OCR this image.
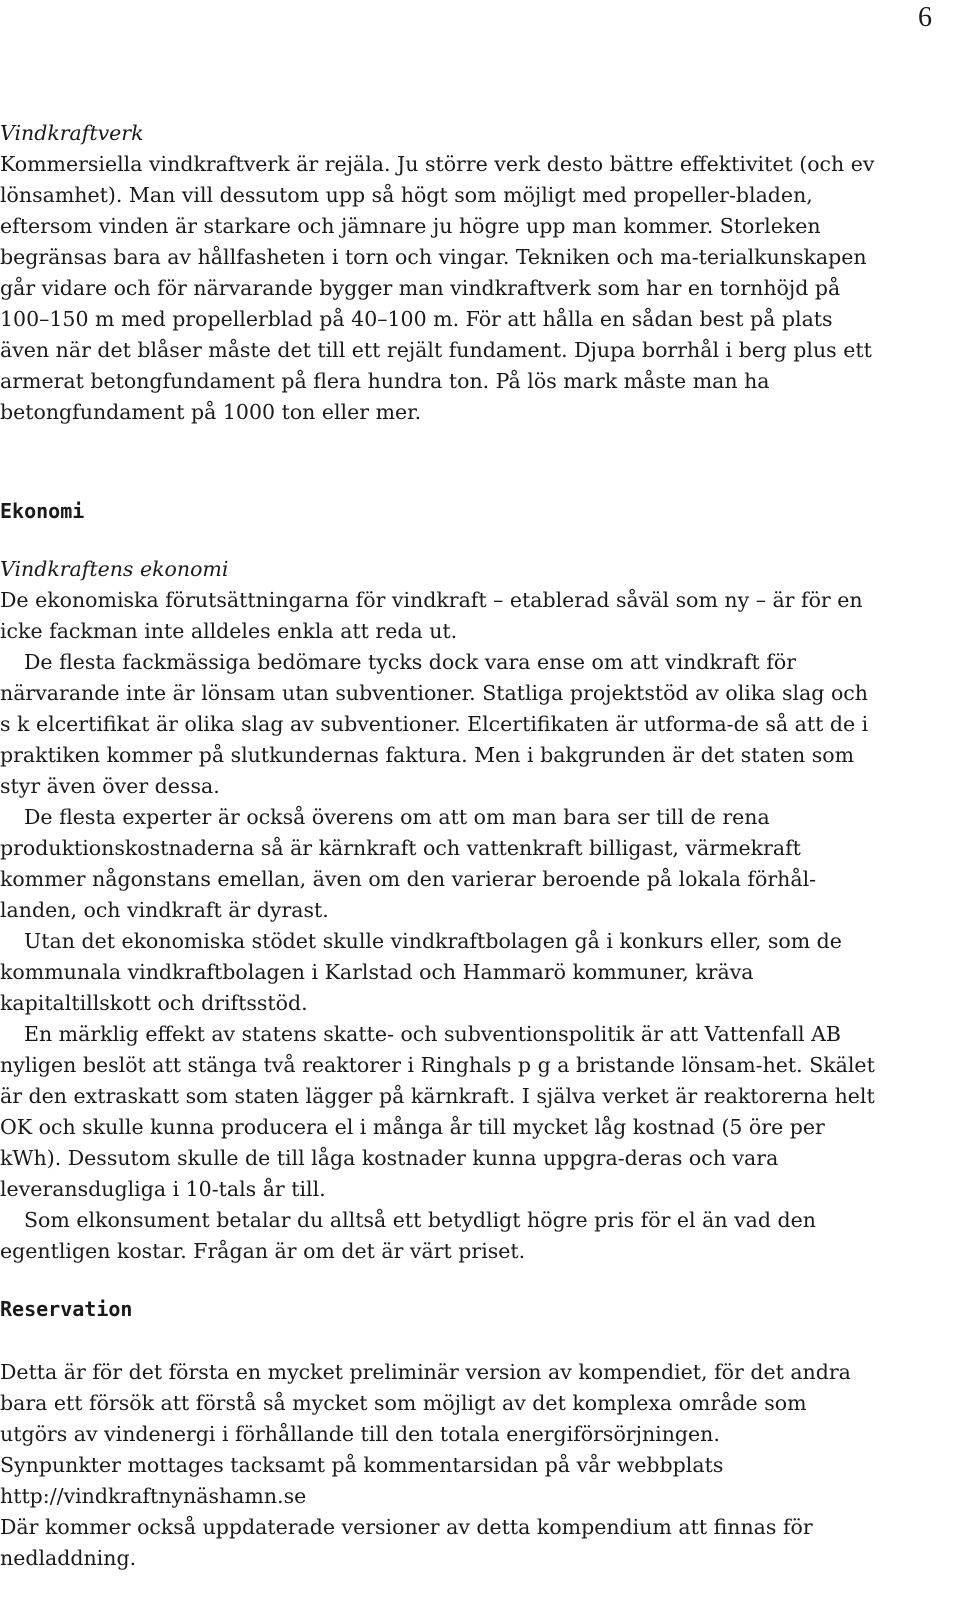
6

Vindkraftverk

Kommersiella vindkraftverk är rejäla. Ju större verk desto bättre effektivitet (och ev lönsamhet). Man vill dessutom upp så högt som möjligt med propeller-bladen, eftersom vinden är starkare och jämnare ju högre upp man kommer. Storleken begränsas bara av hållfasheten i torn och vingar. Tekniken och ma-terialkunskapen går vidare och för närvarande bygger man vindkraftverk som har en tornhöjd på 100–150 m med propellerblad på 40–100 m. För att hålla en sådan best på plats även när det blåser måste det till ett rejält fundament. Djupa borrhål i berg plus ett armerat betongfundament på flera hundra ton. På lös mark måste man ha betongfundament på 1000 ton eller mer.

Ekonomi

Vindkraftens ekonomi

De ekonomiska förutsättningarna för vindkraft – etablerad såväl som ny – är för en icke fackman inte alldeles enkla att reda ut.

De flesta fackmässiga bedömare tycks dock vara ense om att vindkraft för närvarande inte är lönsam utan subventioner. Statliga projektstöd av olika slag och s k elcertifikat är olika slag av subventioner. Elcertifikaten är utforma-de så att de i praktiken kommer på slutkundernas faktura. Men i bakgrunden är det staten som styr även över dessa.

De flesta experter är också överens om att om man bara ser till de rena produktionskostnaderna så är kärnkraft och vattenkraft billigast, värmekraft kommer någonstans emellan, även om den varierar beroende på lokala förhål-landen, och vindkraft är dyrast.

Utan det ekonomiska stödet skulle vindkraftbolagen gå i konkurs eller, som de kommunala vindkraftbolagen i Karlstad och Hammarö kommuner, kräva kapitaltillskott och driftsstöd.

En märklig effekt av statens skatte- och subventionspolitik är att Vattenfall AB nyligen beslöt att stänga två reaktorer i Ringhals p g a bristande lönsam-het. Skälet är den extraskatt som staten lägger på kärnkraft. I själva verket är reaktorerna helt OK och skulle kunna producera el i många år till mycket låg kostnad (5 öre per kWh). Dessutom skulle de till låga kostnader kunna uppgra-deras och vara leveransdugliga i 10-tals år till.

Som elkonsument betalar du alltså ett betydligt högre pris för el än vad den egentligen kostar. Frågan är om det är värt priset.

Reservation

Detta är för det första en mycket preliminär version av kompendiet, för det andra bara ett försök att förstå så mycket som möjligt av det komplexa område som utgörs av vindenergi i förhållande till den totala energiförsörjningen.

Synpunkter mottages tacksamt på kommentarsidan på vår webbplats

http://vindkraftnynäshamn.se

Där kommer också uppdaterade versioner av detta kompendium att finnas för nedladdning.
